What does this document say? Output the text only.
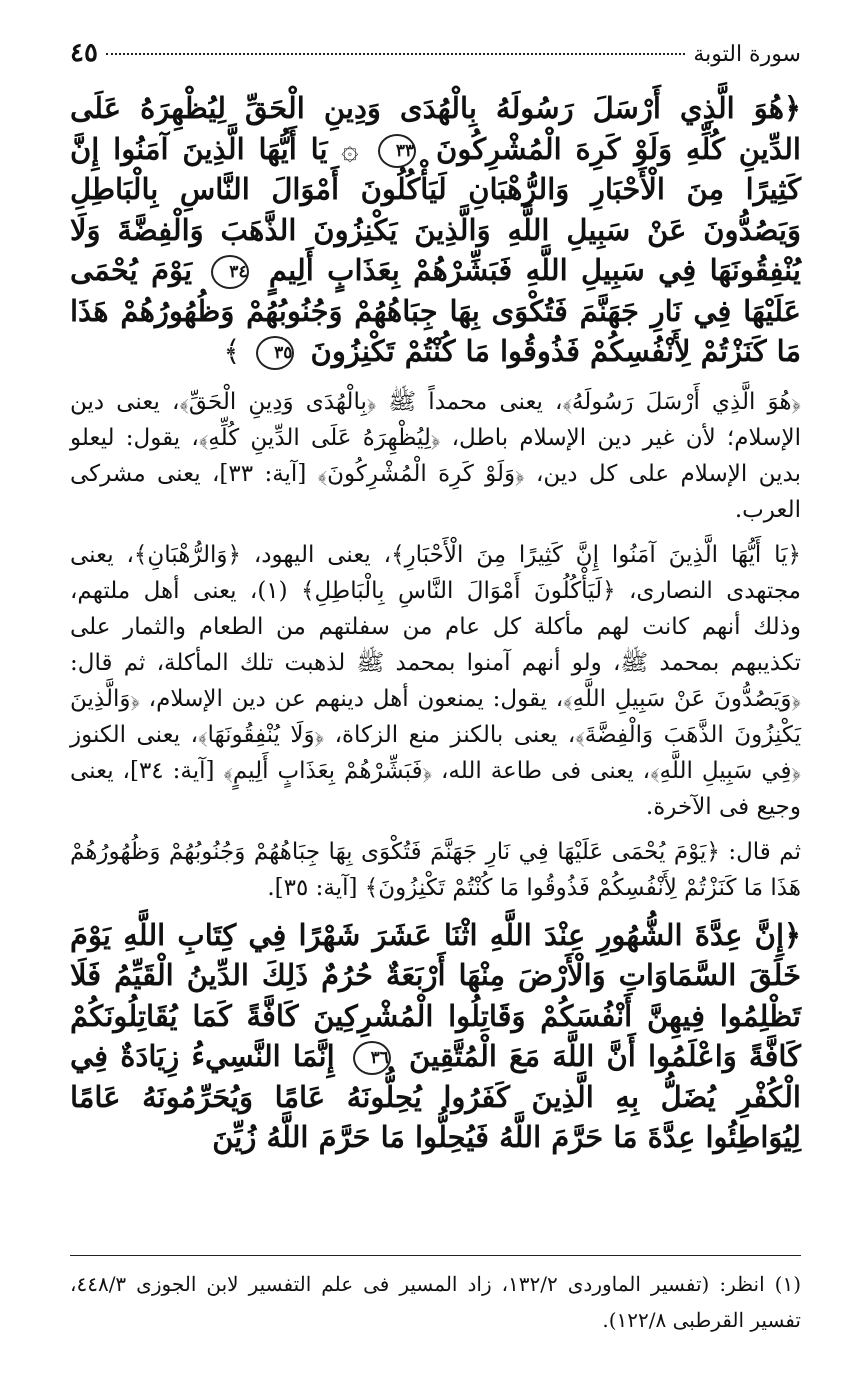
سورة التوبة
٤٥
﴿هُوَ الَّذِي أَرْسَلَ رَسُولَهُ بِالْهُدَى وَدِينِ الْحَقِّ لِيُظْهِرَهُ عَلَى الدِّينِ كُلِّهِ وَلَوْ كَرِهَ الْمُشْرِكُونَ ٣٣ ۞ يَا أَيُّهَا الَّذِينَ آمَنُوا إِنَّ كَثِيرًا مِنَ الْأَحْبَارِ وَالرُّهْبَانِ لَيَأْكُلُونَ أَمْوَالَ النَّاسِ بِالْبَاطِلِ وَيَصُدُّونَ عَنْ سَبِيلِ اللَّهِ وَالَّذِينَ يَكْنِزُونَ الذَّهَبَ وَالْفِضَّةَ وَلَا يُنْفِقُونَهَا فِي سَبِيلِ اللَّهِ فَبَشِّرْهُمْ بِعَذَابٍ أَلِيمٍ ٣٤ يَوْمَ يُحْمَى عَلَيْهَا فِي نَارِ جَهَنَّمَ فَتُكْوَى بِهَا جِبَاهُهُمْ وَجُنُوبُهُمْ وَظُهُورُهُمْ هَذَا مَا كَنَزْتُمْ لِأَنْفُسِكُمْ فَذُوقُوا مَا كُنْتُمْ تَكْنِزُونَ ٣٥ ﴾

﴿هُوَ الَّذِي أَرْسَلَ رَسُولَهُ﴾، يعنى محمداً ﷺ ﴿بِالْهُدَى وَدِينِ الْحَقِّ﴾، يعنى دين الإسلام؛ لأن غير دين الإسلام باطل، ﴿لِيُظْهِرَهُ عَلَى الدِّينِ كُلِّهِ﴾، يقول: ليعلو بدين الإسلام على كل دين، ﴿وَلَوْ كَرِهَ الْمُشْرِكُونَ﴾ [آية: ٣٣]، يعنى مشركى العرب.

﴿يَا أَيُّهَا الَّذِينَ آمَنُوا إِنَّ كَثِيرًا مِنَ الْأَحْبَارِ﴾، يعنى اليهود، ﴿وَالرُّهْبَانِ﴾، يعنى مجتهدى النصارى، ﴿لَيَأْكُلُونَ أَمْوَالَ النَّاسِ بِالْبَاطِلِ﴾ (١)، يعنى أهل ملتهم، وذلك أنهم كانت لهم مأكلة كل عام من سفلتهم من الطعام والثمار على تكذيبهم بمحمد ﷺ، ولو أنهم آمنوا بمحمد ﷺ لذهبت تلك المأكلة، ثم قال: ﴿وَيَصُدُّونَ عَنْ سَبِيلِ اللَّهِ﴾، يقول: يمنعون أهل دينهم عن دين الإسلام، ﴿وَالَّذِينَ يَكْنِزُونَ الذَّهَبَ وَالْفِضَّةَ﴾، يعنى بالكنز منع الزكاة، ﴿وَلَا يُنْفِقُونَهَا﴾، يعنى الكنوز ﴿فِي سَبِيلِ اللَّهِ﴾، يعنى فى طاعة الله، ﴿فَبَشِّرْهُمْ بِعَذَابٍ أَلِيمٍ﴾ [آية: ٣٤]، يعنى وجيع فى الآخرة.

ثم قال: ﴿يَوْمَ يُحْمَى عَلَيْهَا فِي نَارِ جَهَنَّمَ فَتُكْوَى بِهَا جِبَاهُهُمْ وَجُنُوبُهُمْ وَظُهُورُهُمْ هَذَا مَا كَنَزْتُمْ لِأَنْفُسِكُمْ فَذُوقُوا مَا كُنْتُمْ تَكْنِزُونَ﴾ [آية: ٣٥].

﴿إِنَّ عِدَّةَ الشُّهُورِ عِنْدَ اللَّهِ اثْنَا عَشَرَ شَهْرًا فِي كِتَابِ اللَّهِ يَوْمَ خَلَقَ السَّمَاوَاتِ وَالْأَرْضَ مِنْهَا أَرْبَعَةٌ حُرُمٌ ذَلِكَ الدِّينُ الْقَيِّمُ فَلَا تَظْلِمُوا فِيهِنَّ أَنْفُسَكُمْ وَقَاتِلُوا الْمُشْرِكِينَ كَافَّةً كَمَا يُقَاتِلُونَكُمْ كَافَّةً وَاعْلَمُوا أَنَّ اللَّهَ مَعَ الْمُتَّقِينَ ٣٦ إِنَّمَا النَّسِيءُ زِيَادَةٌ فِي الْكُفْرِ يُضَلُّ بِهِ الَّذِينَ كَفَرُوا يُحِلُّونَهُ عَامًا وَيُحَرِّمُونَهُ عَامًا لِيُوَاطِئُوا عِدَّةَ مَا حَرَّمَ اللَّهُ فَيُحِلُّوا مَا حَرَّمَ اللَّهُ زُيِّنَ
(١) انظر: (تفسير الماوردى ١٣٢/٢، زاد المسير فى علم التفسير لابن الجوزى ٤٤٨/٣، تفسير القرطبى ١٢٢/٨).
